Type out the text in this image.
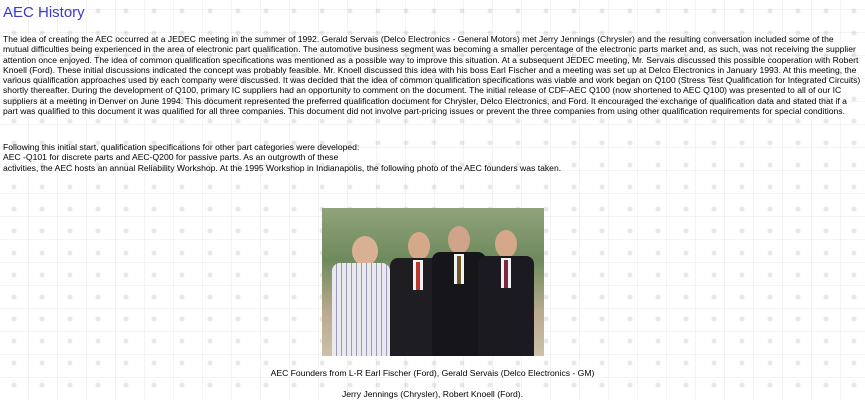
AEC History

The idea of creating the AEC occurred at a JEDEC meeting in the summer of 1992. Gerald Servais (Delco Electronics - General Motors) met Jerry Jennings (Chrysler) and the resulting conversation included some of the mutual difficulties being experienced in the area of electronic part qualification. The automotive business segment was becoming a smaller percentage of the electronic parts market and, as such, was not receiving the supplier attention once enjoyed. The idea of common qualification specifications was mentioned as a possible way to improve this situation. At a subsequent JEDEC meeting, Mr. Servais discussed this possible cooperation with Robert Knoell (Ford). These initial discussions indicated the concept was probably feasible. Mr. Knoell discussed this idea with his boss Earl Fischer and a meeting was set up at Delco Electronics in January 1993. At this meeting, the various qualification approaches used by each company were discussed. It was decided that the idea of common qualification specifications was viable and work began on Q100 (Stress Test Qualification for Integrated Circuits) shortly thereafter. During the development of Q100, primary IC suppliers had an opportunity to comment on the document. The initial release of CDF-AEC Q100 (now shortened to AEC Q100) was presented to all of our IC suppliers at a meeting in Denver on June 1994. This document represented the preferred qualification document for Chrysler, Delco Electronics, and Ford. It encouraged the exchange of qualification data and stated that if a part was qualified to this document it was qualified for all three companies. This document did not involve part-pricing issues or prevent the three companies from using other qualification requirements for special conditions.

Following this initial start, qualification specifications for other part categories were developed:
AEC -Q101 for discrete parts and AEC-Q200 for passive parts. As an outgrowth of these
activities, the AEC hosts an annual Reliability Workshop. At the 1995 Workshop in Indianapolis, the following photo of the AEC founders was taken.

AEC Founders from L-R Earl Fischer (Ford), Gerald Servais (Delco Electronics - GM)

Jerry Jennings (Chrysler), Robert Knoell (Ford).
